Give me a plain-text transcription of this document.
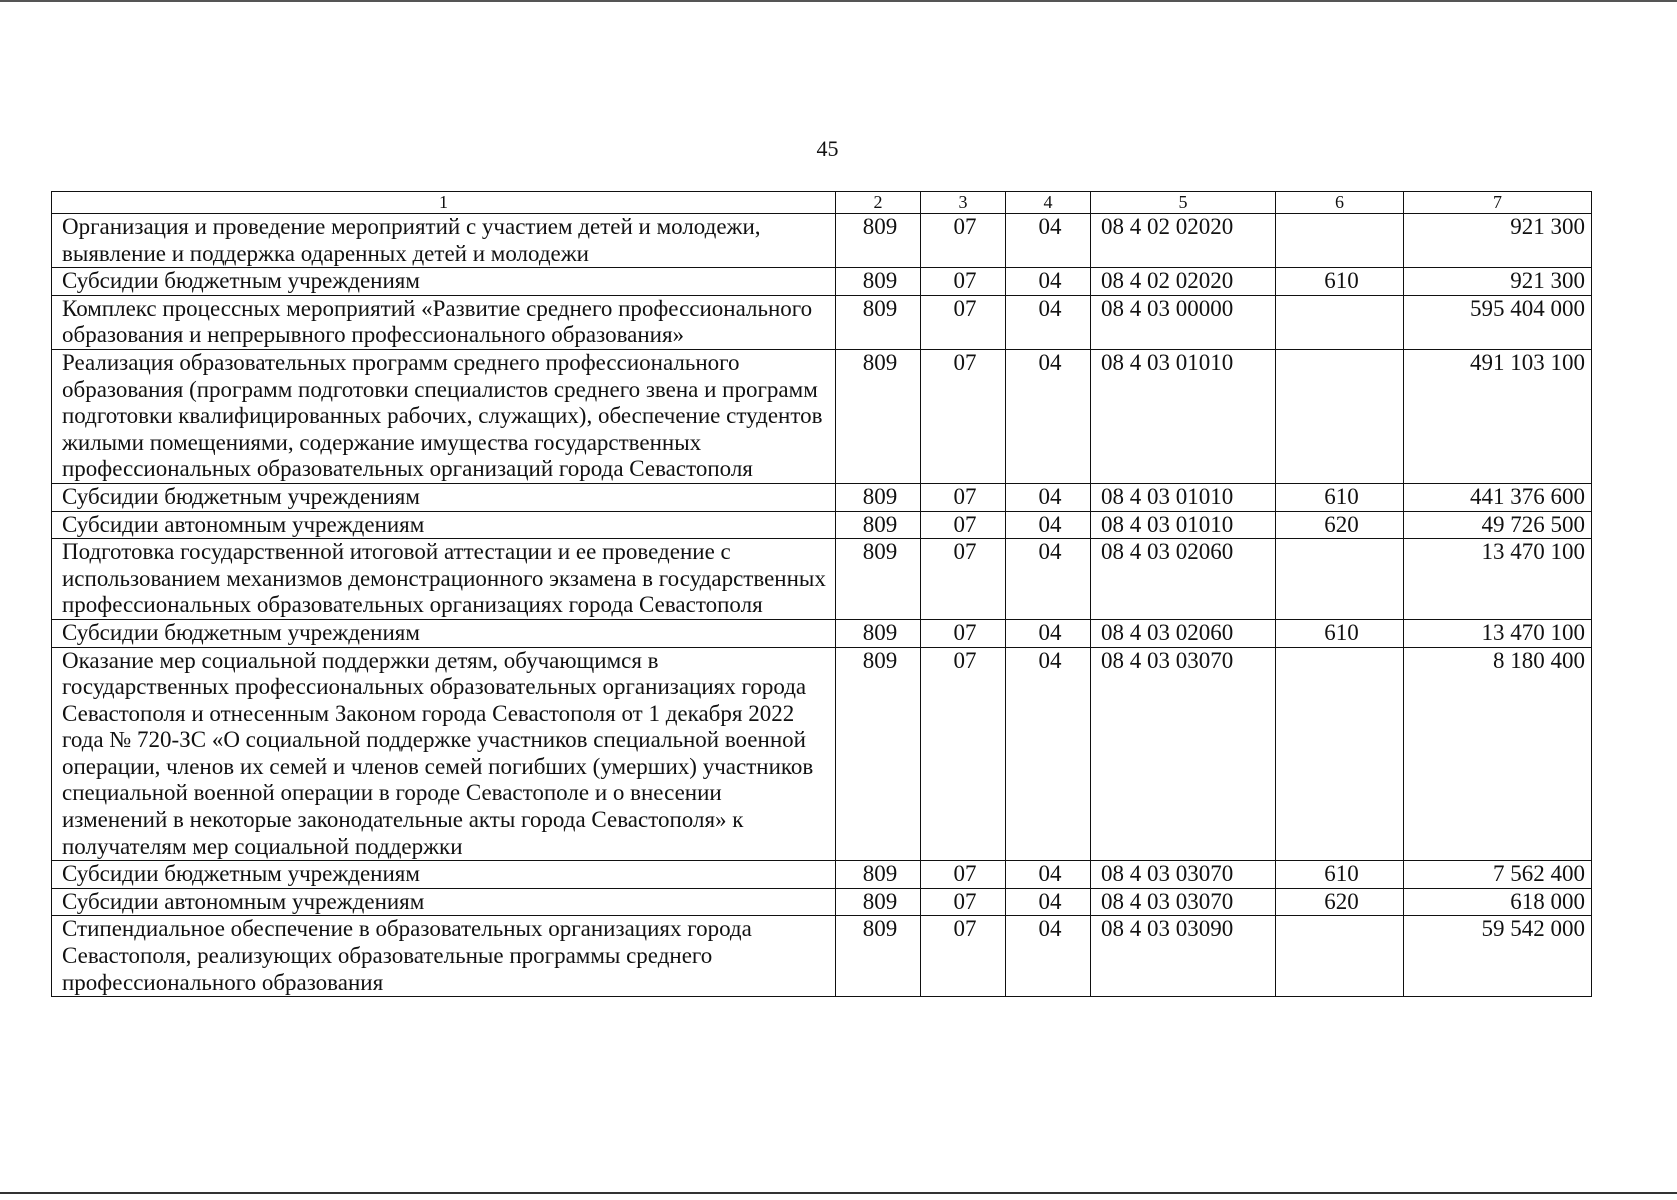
45
1	2	3	4	5	6	7
Организация и проведение мероприятий с участием детей и молодежи, выявление и поддержка одаренных детей и молодежи	809	07	04	08 4 02 02020		921 300
Субсидии бюджетным учреждениям	809	07	04	08 4 02 02020	610	921 300
Комплекс процессных мероприятий «Развитие среднего профессионального образования и непрерывного профессионального образования»	809	07	04	08 4 03 00000		595 404 000
Реализация образовательных программ среднего профессионального образования (программ подготовки специалистов среднего звена и программ подготовки квалифицированных рабочих, служащих), обеспечение студентов жилыми помещениями, содержание имущества государственных профессиональных образовательных организаций города Севастополя	809	07	04	08 4 03 01010		491 103 100
Субсидии бюджетным учреждениям	809	07	04	08 4 03 01010	610	441 376 600
Субсидии автономным учреждениям	809	07	04	08 4 03 01010	620	49 726 500
Подготовка государственной итоговой аттестации и ее проведение с использованием механизмов демонстрационного экзамена в государственных профессиональных образовательных организациях города Севастополя	809	07	04	08 4 03 02060		13 470 100
Субсидии бюджетным учреждениям	809	07	04	08 4 03 02060	610	13 470 100
Оказание мер социальной поддержки детям, обучающимся в государственных профессиональных образовательных организациях города Севастополя и отнесенным Законом города Севастополя от 1 декабря 2022 года № 720-ЗС «О социальной поддержке участников специальной военной операции, членов их семей и членов семей погибших (умерших) участников специальной военной операции в городе Севастополе и о внесении изменений в некоторые законодательные акты города Севастополя» к получателям мер социальной поддержки	809	07	04	08 4 03 03070		8 180 400
Субсидии бюджетным учреждениям	809	07	04	08 4 03 03070	610	7 562 400
Субсидии автономным учреждениям	809	07	04	08 4 03 03070	620	618 000
Стипендиальное обеспечение в образовательных организациях города Севастополя, реализующих образовательные программы среднего профессионального образования	809	07	04	08 4 03 03090		59 542 000
